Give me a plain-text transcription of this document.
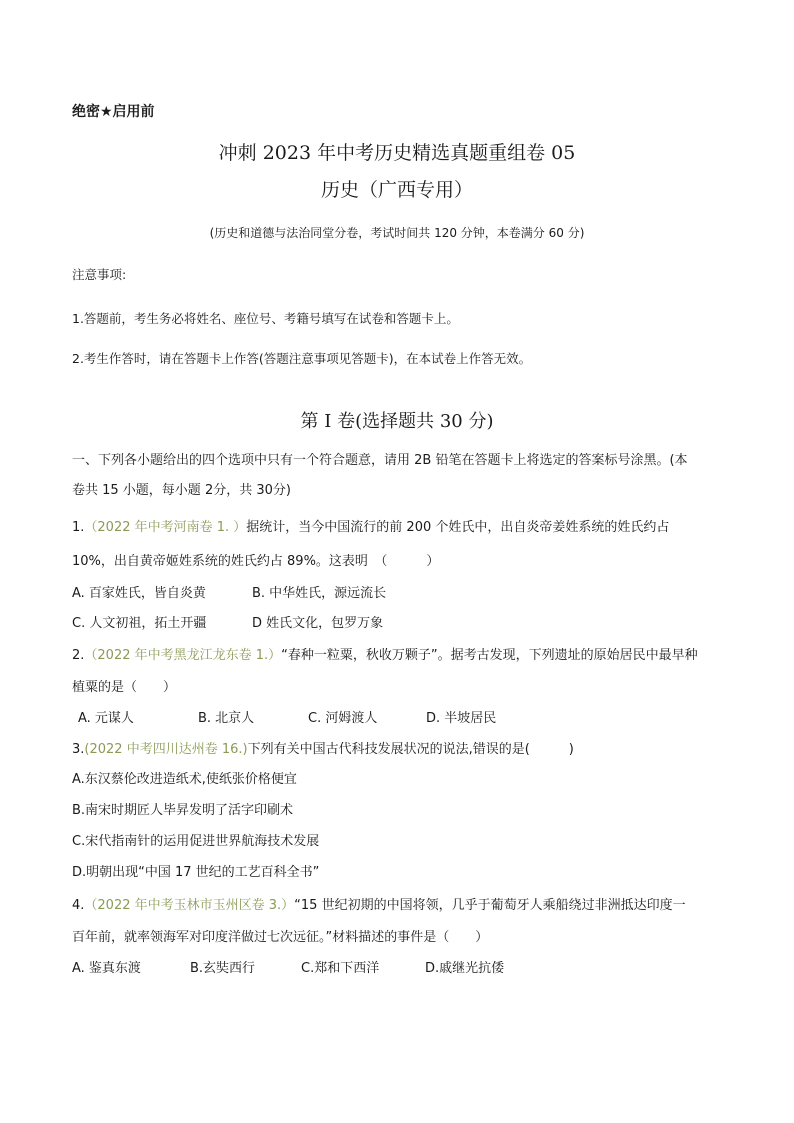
绝密★启用前
冲刺 2023 年中考历史精选真题重组卷 05
历史（广西专用）
(历史和道德与法治同堂分卷，考试时间共 120 分钟，本卷满分 60 分)
注意事项:
1.答题前，考生务必将姓名、座位号、考籍号填写在试卷和答题卡上。
2.考生作答时，请在答题卡上作答(答题注意事项见答题卡)，在本试卷上作答无效。
第 I 卷(选择题共 30 分)
一、下列各小题给出的四个选项中只有一个符合题意，请用 2B 铅笔在答题卡上将选定的答案标号涂黑。(本
卷共 15 小题，每小题 2分，共 30分)
1.（2022 年中考河南卷 1. ）据统计，当今中国流行的前 200 个姓氏中，出自炎帝姜姓系统的姓氏约占
10%，出自黄帝姬姓系统的姓氏约占 89%。这表明　（　　　）
A. 百家姓氏，皆自炎黄	B. 中华姓氏，源远流长
C. 人文初祖，拓土开疆	D 姓氏文化，包罗万象
2.（2022 年中考黑龙江龙东卷 1.）“春种一粒粟，秋收万颗子”。据考古发现，下列遗址的原始居民中最早种
植粟的是（　　）
A. 元谋人	B. 北京人	C. 河姆渡人	D. 半坡居民
3.(2022 中考四川达州卷 16.)下列有关中国古代科技发展状况的说法,错误的是(　　　)
A.东汉蔡伦改进造纸术,使纸张价格便宜
B.南宋时期匠人毕昇发明了活字印刷术
C.宋代指南针的运用促进世界航海技术发展
D.明朝出现“中国 17 世纪的工艺百科全书”
4.（2022 年中考玉林市玉州区卷 3.）“15 世纪初期的中国将领，几乎于葡萄牙人乘船绕过非洲抵达印度一
百年前，就率领海军对印度洋做过七次远征。”材料描述的事件是（　　）
A. 鉴真东渡	B.玄奘西行	C.郑和下西洋	D.戚继光抗倭
